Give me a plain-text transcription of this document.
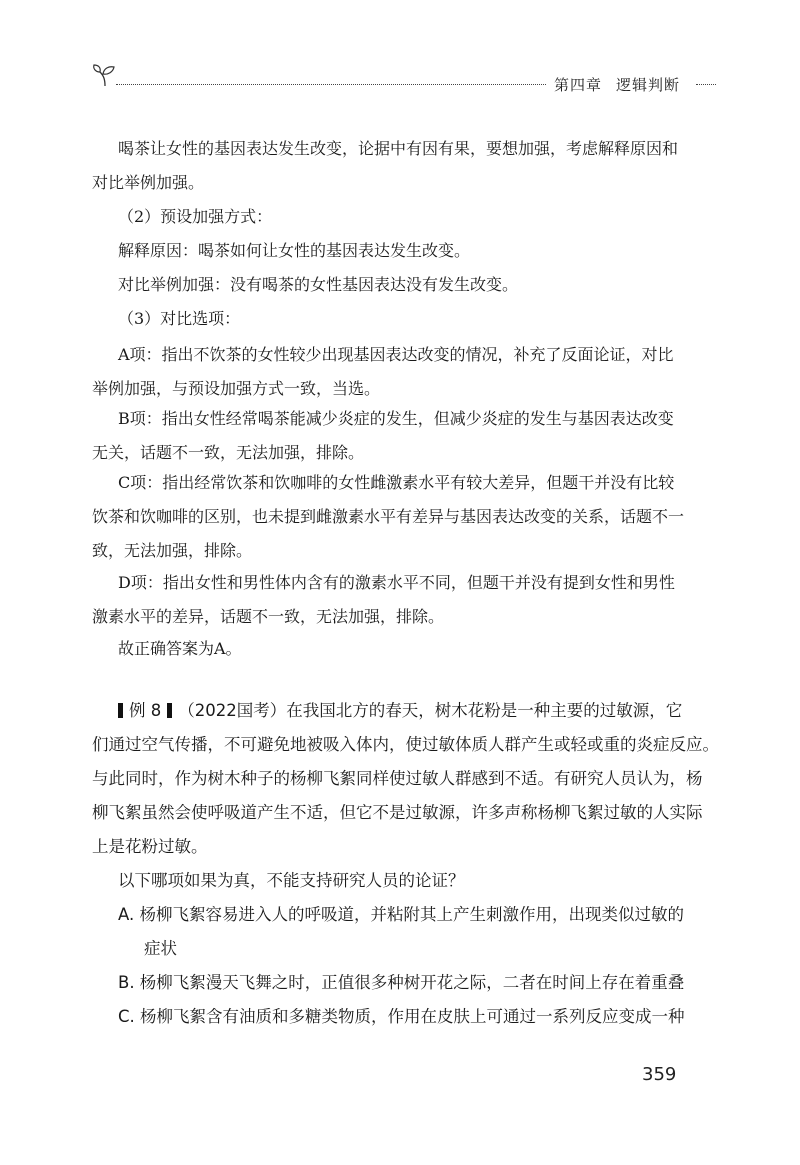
第四章 逻辑判断
喝茶让女性的基因表达发生改变，论据中有因有果，要想加强，考虑解释原因和
对比举例加强。
（2）预设加强方式：
解释原因：喝茶如何让女性的基因表达发生改变。
对比举例加强：没有喝茶的女性基因表达没有发生改变。
（3）对比选项：
A项：指出不饮茶的女性较少出现基因表达改变的情况，补充了反面论证，对比
举例加强，与预设加强方式一致，当选。
B项：指出女性经常喝茶能减少炎症的发生，但减少炎症的发生与基因表达改变
无关，话题不一致，无法加强，排除。
C项：指出经常饮茶和饮咖啡的女性雌激素水平有较大差异，但题干并没有比较
饮茶和饮咖啡的区别，也未提到雌激素水平有差异与基因表达改变的关系，话题不一
致，无法加强，排除。
D项：指出女性和男性体内含有的激素水平不同，但题干并没有提到女性和男性
激素水平的差异，话题不一致，无法加强，排除。
故正确答案为A。
例 8 （2022国考）在我国北方的春天，树木花粉是一种主要的过敏源，它
们通过空气传播，不可避免地被吸入体内，使过敏体质人群产生或轻或重的炎症反应。
与此同时，作为树木种子的杨柳飞絮同样使过敏人群感到不适。有研究人员认为，杨
柳飞絮虽然会使呼吸道产生不适，但它不是过敏源，许多声称杨柳飞絮过敏的人实际
上是花粉过敏。
以下哪项如果为真，不能支持研究人员的论证？
A. 杨柳飞絮容易进入人的呼吸道，并粘附其上产生刺激作用，出现类似过敏的
症状
B. 杨柳飞絮漫天飞舞之时，正值很多种树开花之际，二者在时间上存在着重叠
C. 杨柳飞絮含有油质和多糖类物质，作用在皮肤上可通过一系列反应变成一种
359
